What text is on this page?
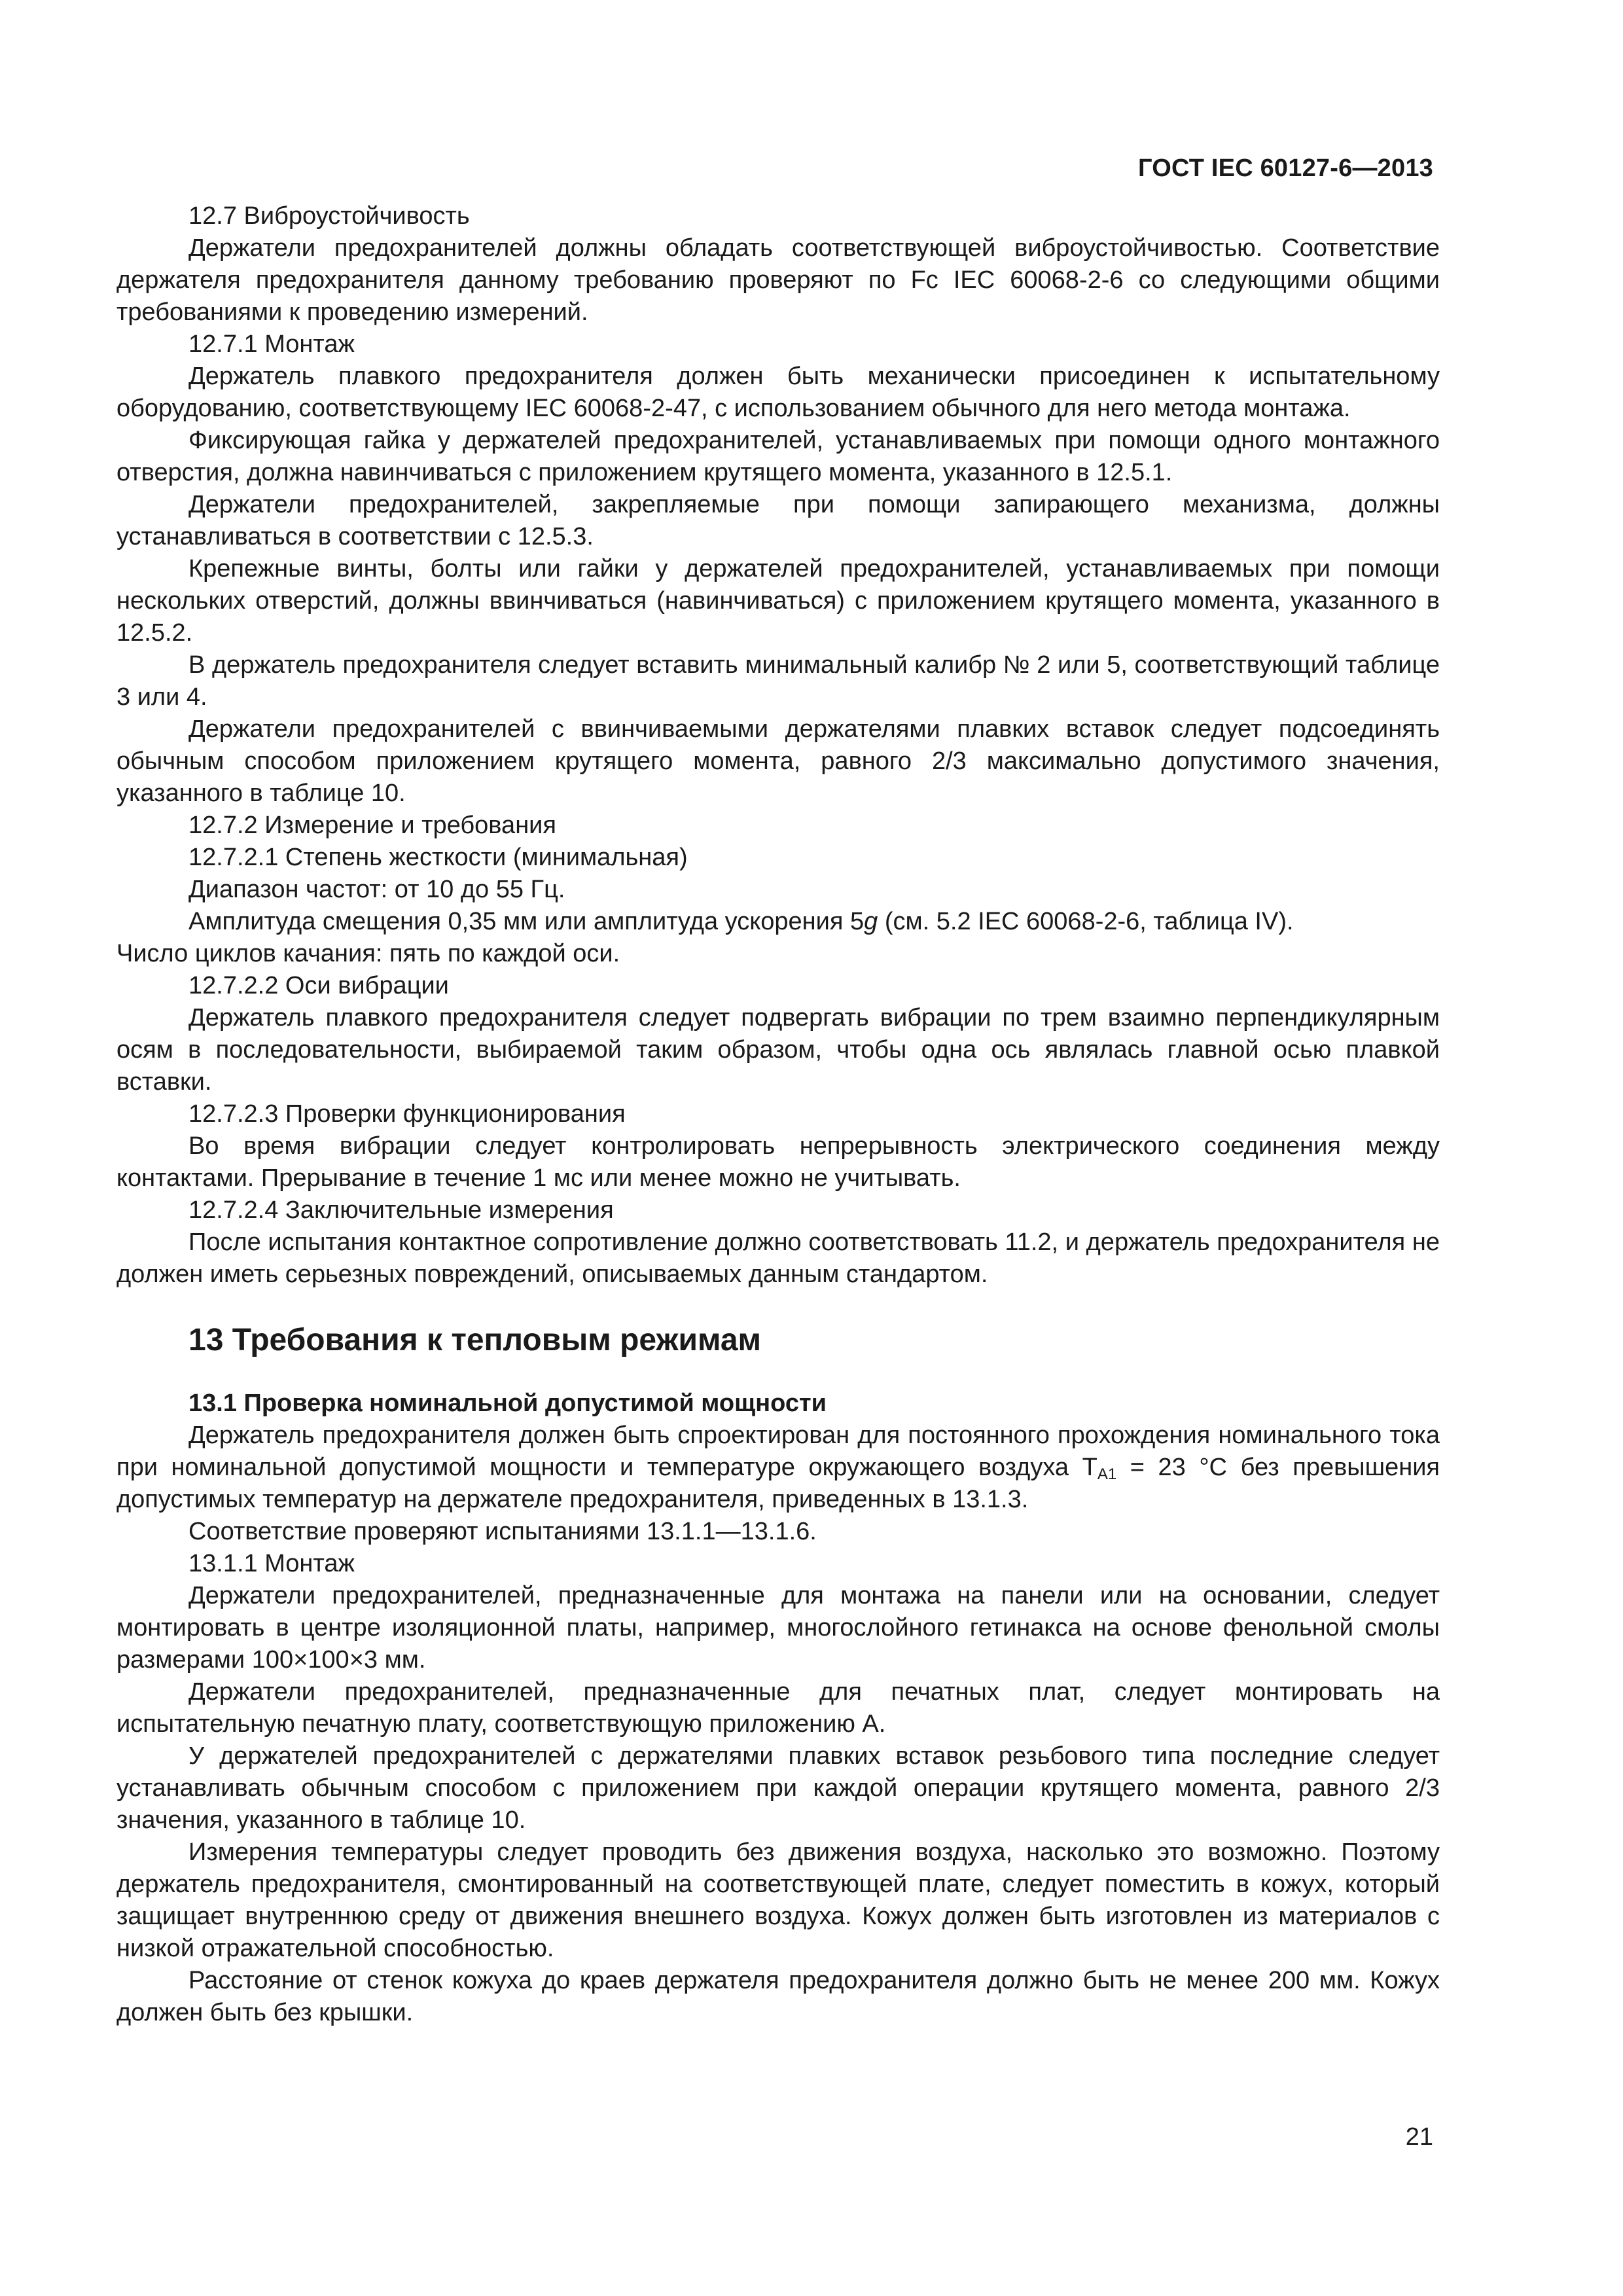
ГОСТ IEC 60127-6—2013

12.7 Виброустойчивость

Держатели предохранителей должны обладать соответствующей виброустойчивостью. Соответствие держателя предохранителя данному требованию проверяют по Fc IEC 60068-2-6 со следующими общими требованиями к проведению измерений.

12.7.1 Монтаж

Держатель плавкого предохранителя должен быть механически присоединен к испытательному оборудованию, соответствующему IEC 60068-2-47, с использованием обычного для него метода монтажа.

Фиксирующая гайка у держателей предохранителей, устанавливаемых при помощи одного монтажного отверстия, должна навинчиваться с приложением крутящего момента, указанного в 12.5.1.

Держатели предохранителей, закрепляемые при помощи запирающего механизма, должны устанавливаться в соответствии с 12.5.3.

Крепежные винты, болты или гайки у держателей предохранителей, устанавливаемых при помощи нескольких отверстий, должны ввинчиваться (навинчиваться) с приложением крутящего момента, указанного в 12.5.2.

В держатель предохранителя следует вставить минимальный калибр № 2 или 5, соответствующий таблице 3 или 4.

Держатели предохранителей с ввинчиваемыми держателями плавких вставок следует подсоединять обычным способом приложением крутящего момента, равного 2/3 максимально допустимого значения, указанного в таблице 10.

12.7.2 Измерение и требования

12.7.2.1 Степень жесткости (минимальная)

Диапазон частот: от 10 до 55 Гц.

Амплитуда смещения 0,35 мм или амплитуда ускорения 5g (см. 5.2 IEC 60068-2-6, таблица IV).

Число циклов качания: пять по каждой оси.

12.7.2.2 Оси вибрации

Держатель плавкого предохранителя следует подвергать вибрации по трем взаимно перпендикулярным осям в последовательности, выбираемой таким образом, чтобы одна ось являлась главной осью плавкой вставки.

12.7.2.3 Проверки функционирования

Во время вибрации следует контролировать непрерывность электрического соединения между контактами. Прерывание в течение 1 мс или менее можно не учитывать.

12.7.2.4 Заключительные измерения

После испытания контактное сопротивление должно соответствовать 11.2, и держатель предохранителя не должен иметь серьезных повреждений, описываемых данным стандартом.

13 Требования к тепловым режимам
13.1 Проверка номинальной допустимой мощности

Держатель предохранителя должен быть спроектирован для постоянного прохождения номинального тока при номинальной допустимой мощности и температуре окружающего воздуха $T_{A1} = 23$ °С без превышения допустимых температур на держателе предохранителя, приведенных в 13.1.3.

Соответствие проверяют испытаниями 13.1.1—13.1.6.

13.1.1 Монтаж

Держатели предохранителей, предназначенные для монтажа на панели или на основании, следует монтировать в центре изоляционной платы, например, многослойного гетинакса на основе фенольной смолы размерами 100×100×3 мм.

Держатели предохранителей, предназначенные для печатных плат, следует монтировать на испытательную печатную плату, соответствующую приложению А.

У держателей предохранителей с держателями плавких вставок резьбового типа последние следует устанавливать обычным способом с приложением при каждой операции крутящего момента, равного 2/3 значения, указанного в таблице 10.

Измерения температуры следует проводить без движения воздуха, насколько это возможно. Поэтому держатель предохранителя, смонтированный на соответствующей плате, следует поместить в кожух, который защищает внутреннюю среду от движения внешнего воздуха. Кожух должен быть изготовлен из материалов с низкой отражательной способностью.

Расстояние от стенок кожуха до краев держателя предохранителя должно быть не менее 200 мм. Кожух должен быть без крышки.

21
